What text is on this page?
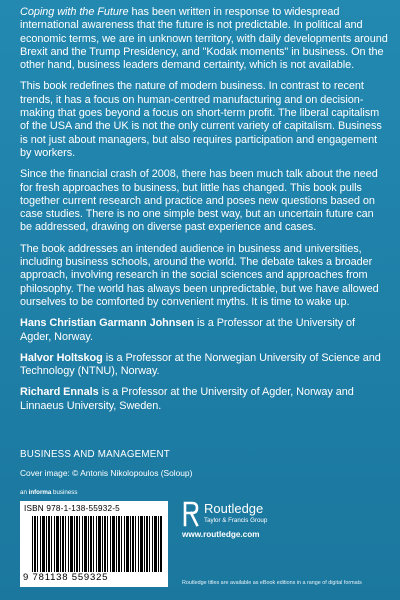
Coping with the Future has been written in response to widespread international awareness that the future is not predictable. In political and economic terms, we are in unknown territory, with daily developments around Brexit and the Trump Presidency, and "Kodak moments" in business. On the other hand, business leaders demand certainty, which is not available.

This book redefines the nature of modern business. In contrast to recent trends, it has a focus on human-centred manufacturing and on decision-making that goes beyond a focus on short-term profit. The liberal capitalism of the USA and the UK is not the only current variety of capitalism. Business is not just about managers, but also requires participation and engagement by workers.

Since the financial crash of 2008, there has been much talk about the need for fresh approaches to business, but little has changed. This book pulls together current research and practice and poses new questions based on case studies. There is no one simple best way, but an uncertain future can be addressed, drawing on diverse past experience and cases.

The book addresses an intended audience in business and universities, including business schools, around the world. The debate takes a broader approach, involving research in the social sciences and approaches from philosophy. The world has always been unpredictable, but we have allowed ourselves to be comforted by convenient myths. It is time to wake up.

Hans Christian Garmann Johnsen is a Professor at the University of Agder, Norway.

Halvor Holtskog is a Professor at the Norwegian University of Science and Technology (NTNU), Norway.

Richard Ennals is a Professor at the University of Agder, Norway and Linnaeus University, Sweden.

BUSINESS AND MANAGEMENT
Cover image: © Antonis Nikolopoulos (Soloup)
an informa business
ISBN 978-1-138-55932-5
9 781138 559325
Routledge
Taylor & Francis Group
www.routledge.com
Routledge titles are available as eBook editions in a range of digital formats
